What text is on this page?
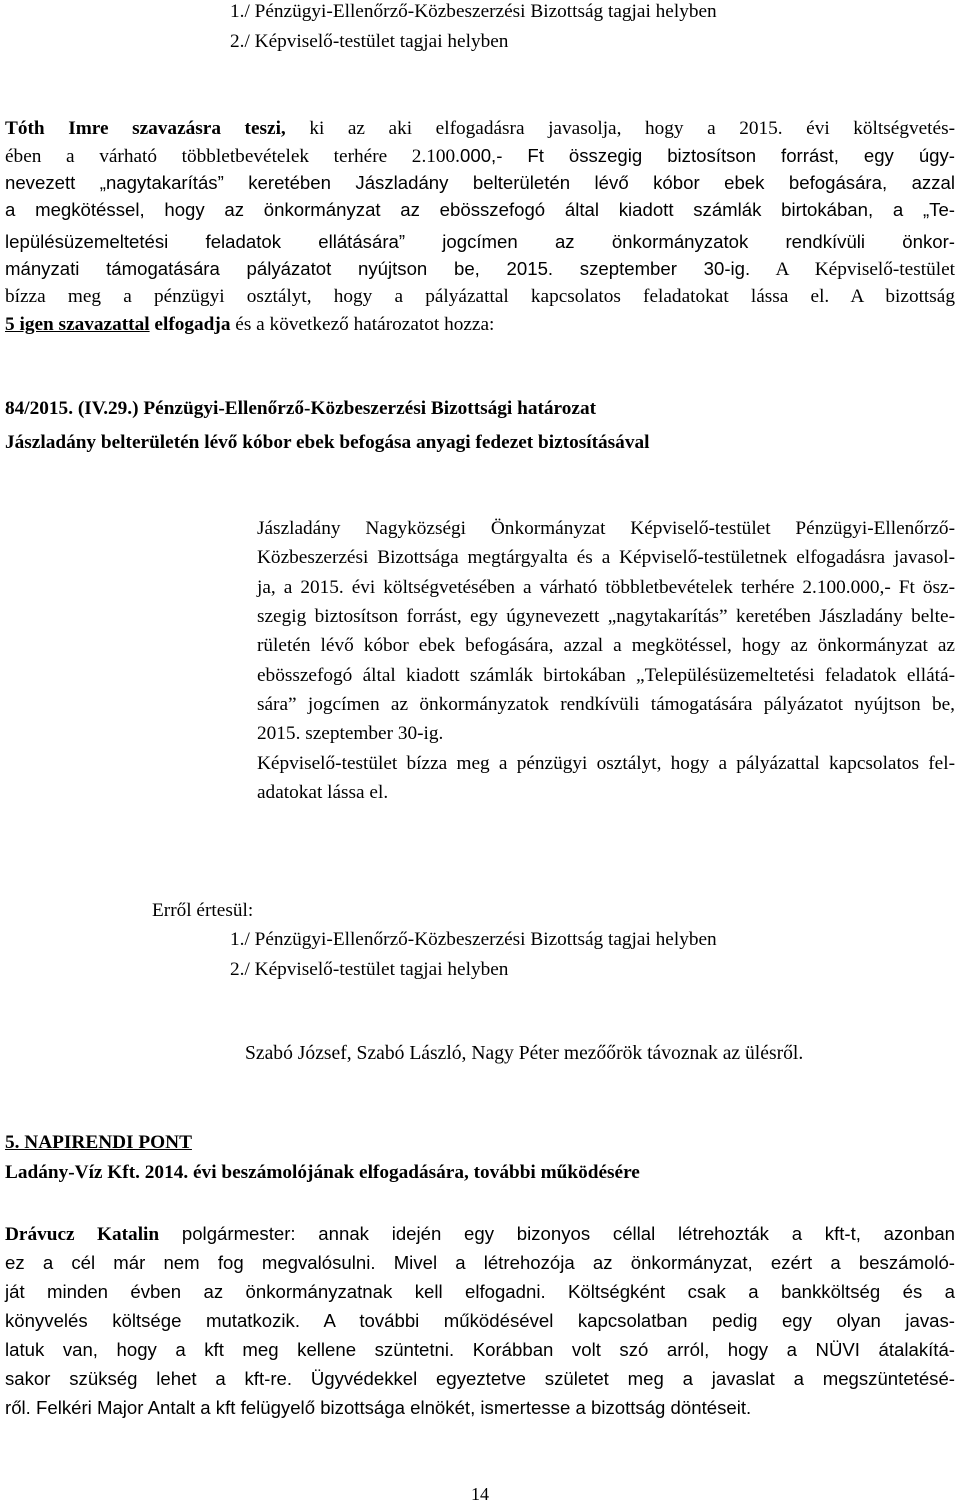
1./ Pénzügyi-Ellenőrző-Közbeszerzési Bizottság tagjai helyben
2./ Képviselő-testület tagjai helyben
Tóth Imre szavazásra teszi, ki az aki elfogadásra javasolja, hogy a 2015. évi költségvetés-
ében a várható többletbevételek terhére 2.100.000,- Ft összegig biztosítson forrást, egy úgy-
nevezett „nagytakarítás” keretében Jászladány belterületén lévő kóbor ebek befogására, azzal
a megkötéssel, hogy az önkormányzat az ebösszefogó által kiadott számlák birtokában, a „Te-
lepülésüzemeltetési feladatok ellátására” jogcímen az önkormányzatok rendkívüli önkor-
mányzati támogatására pályázatot nyújtson be, 2015. szeptember 30-ig. A Képviselő-testület
bízza meg a pénzügyi osztályt, hogy a pályázattal kapcsolatos feladatokat lássa el. A bizottság
5 igen szavazattal elfogadja és a következő határozatot hozza:
84/2015. (IV.29.) Pénzügyi-Ellenőrző-Közbeszerzési Bizottsági határozat
Jászladány belterületén lévő kóbor ebek befogása anyagi fedezet biztosításával
Jászladány Nagyközségi Önkormányzat Képviselő-testület Pénzügyi-Ellenőrző-
Közbeszerzési Bizottsága megtárgyalta és a Képviselő-testületnek elfogadásra javasol-
ja, a 2015. évi költségvetésében a várható többletbevételek terhére 2.100.000,- Ft ösz-
szegig biztosítson forrást, egy úgynevezett „nagytakarítás” keretében Jászladány belte-
rületén lévő kóbor ebek befogására, azzal a megkötéssel, hogy az önkormányzat az
ebösszefogó által kiadott számlák birtokában „Településüzemeltetési feladatok ellátá-
sára” jogcímen az önkormányzatok rendkívüli támogatására pályázatot nyújtson be,
2015. szeptember 30-ig.
Képviselő-testület bízza meg a pénzügyi osztályt, hogy a pályázattal kapcsolatos fel-
adatokat lássa el.
Erről értesül:
1./ Pénzügyi-Ellenőrző-Közbeszerzési Bizottság tagjai helyben
2./ Képviselő-testület tagjai helyben
Szabó József, Szabó László, Nagy Péter mezőőrök távoznak az ülésről.
5. NAPIRENDI PONT
Ladány-Víz Kft. 2014. évi beszámolójának elfogadására, további működésére
Drávucz Katalin polgármester: annak idején egy bizonyos céllal létrehozták a kft-t, azonban
ez a cél már nem fog megvalósulni. Mivel a létrehozója az önkormányzat, ezért a beszámoló-
ját minden évben az önkormányzatnak kell elfogadni. Költségként csak a bankköltség és a
könyvelés költsége mutatkozik. A további működésével kapcsolatban pedig egy olyan javas-
latuk van, hogy a kft meg kellene szüntetni. Korábban volt szó arról, hogy a NÜVI átalakítá-
sakor szükség lehet a kft-re. Ügyvédekkel egyeztetve születet meg a javaslat a megszüntetésé-
ről. Felkéri Major Antalt a kft felügyelő bizottsága elnökét, ismertesse a bizottság döntéseit.
14
